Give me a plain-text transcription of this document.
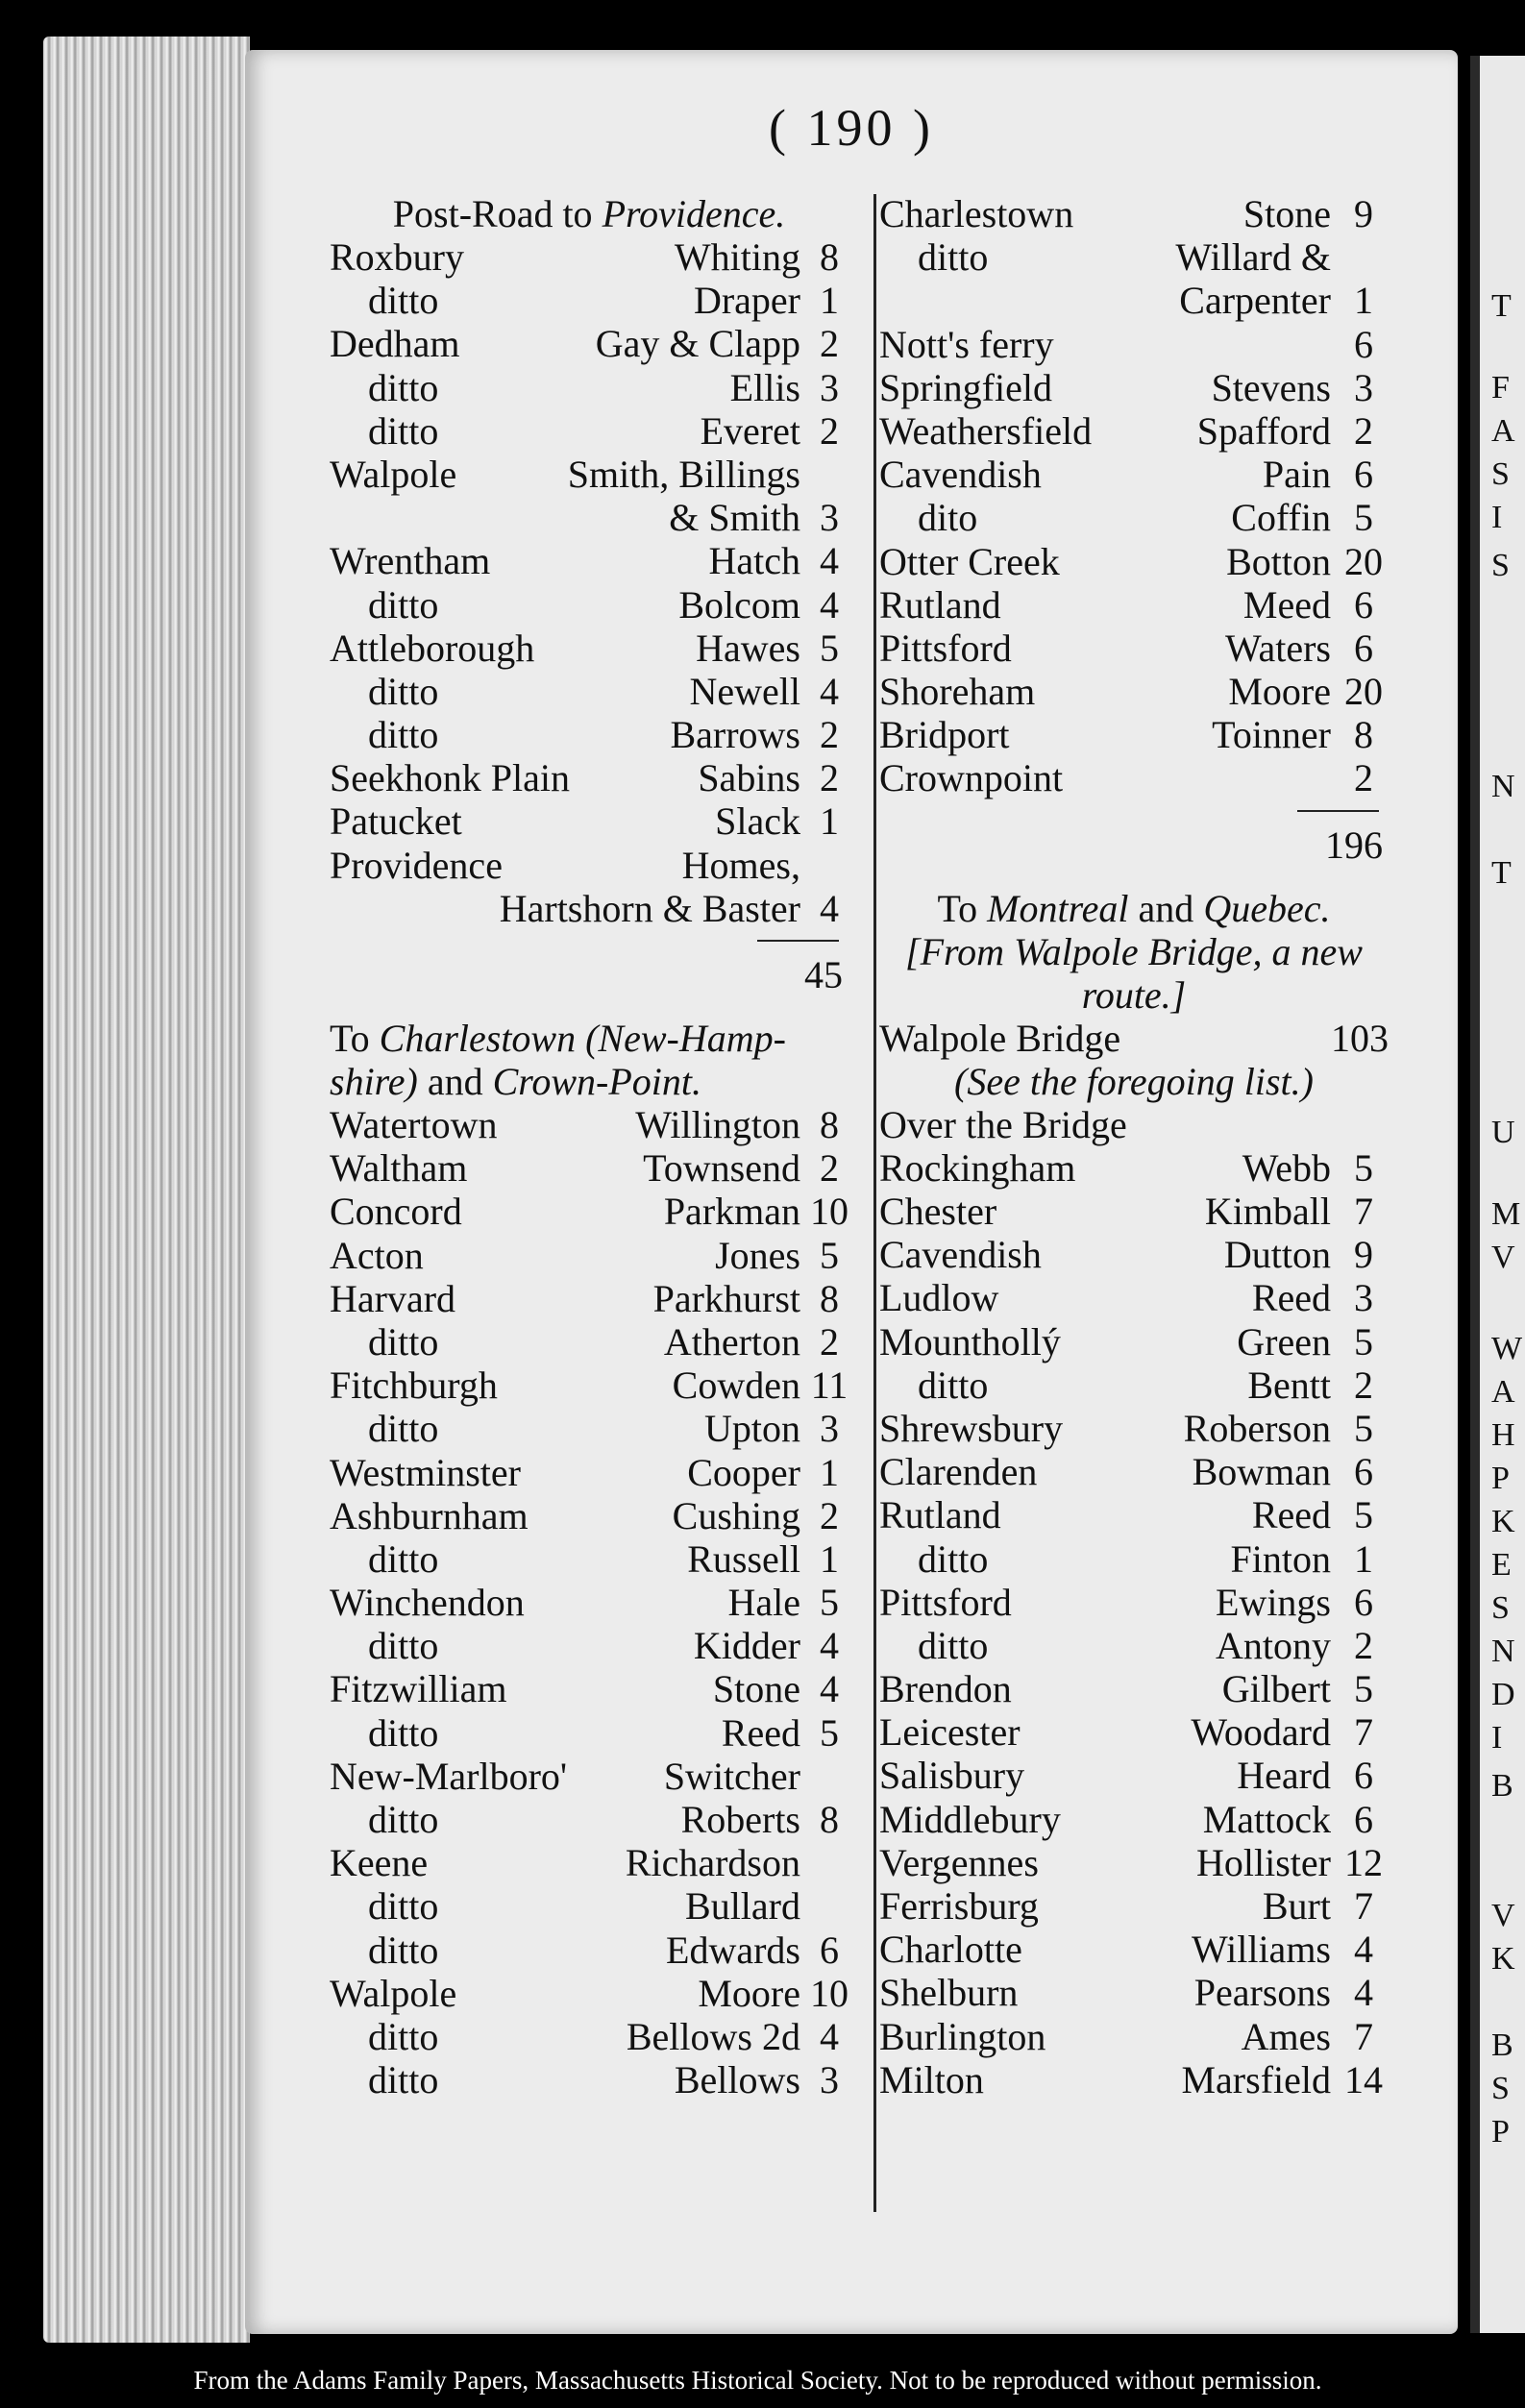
T
F
A
S
I
S
N
T
U
M
V
W
A
H
P
K
E
S
N
D
I
B
V
K
B
S
P
( 190 )
Post-Road to Providence.
Roxbury	Whiting 8
ditto	Draper 1
Dedham	Gay & Clapp 2
ditto	Ellis 3
ditto	Everet 2
Walpole	Smith, Billings
& Smith 3
Wrentham	Hatch 4
ditto	Bolcom 4
Attleborough	Hawes 5
ditto	Newell 4
ditto	Barrows 2
Seekhonk Plain	Sabins 2
Patucket	Slack 1
Providence	Homes,
Hartshorn & Baster 4
45
To Charlestown (New-Hamp-
shire) and Crown-Point.
Watertown	Willington 8
Waltham	Townsend 2
Concord	Parkman 10
Acton	Jones 5
Harvard	Parkhurst 8
ditto	Atherton 2
Fitchburgh	Cowden 11
ditto	Upton 3
Westminster	Cooper 1
Ashburnham	Cushing 2
ditto	Russell 1
Winchendon	Hale 5
ditto	Kidder 4
Fitzwilliam	Stone 4
ditto	Reed 5
New-Marlboro'	Switcher
ditto	Roberts 8
Keene	Richardson
ditto	Bullard
ditto	Edwards 6
Walpole	Moore 10
ditto	Bellows 2d 4
ditto	Bellows 3
Charlestown	Stone 9
ditto	Willard &
Carpenter 1
Nott's ferry	6
Springfield	Stevens 3
Weathersfield	Spafford 2
Cavendish	Pain 6
dito	Coffin 5
Otter Creek	Botton 20
Rutland	Meed 6
Pittsford	Waters 6
Shoreham	Moore 20
Bridport	Toinner 8
Crownpoint	2
196
To Montreal and Quebec.
[From Walpole Bridge, a new
route.]
Walpole Bridge	103
(See the foregoing list.)
Over the Bridge
Rockingham	Webb 5
Chester	Kimball 7
Cavendish	Dutton 9
Ludlow	Reed 3
Mounthollý	Green 5
ditto	Bentt 2
Shrewsbury	Roberson 5
Clarenden	Bowman 6
Rutland	Reed 5
ditto	Finton 1
Pittsford	Ewings 6
ditto	Antony 2
Brendon	Gilbert 5
Leicester	Woodard 7
Salisbury	Heard 6
Middlebury	Mattock 6
Vergennes	Hollister 12
Ferrisburg	Burt 7
Charlotte	Williams 4
Shelburn	Pearsons 4
Burlington	Ames 7
Milton	Marsfield 14
From the Adams Family Papers, Massachusetts Historical Society. Not to be reproduced without permission.
